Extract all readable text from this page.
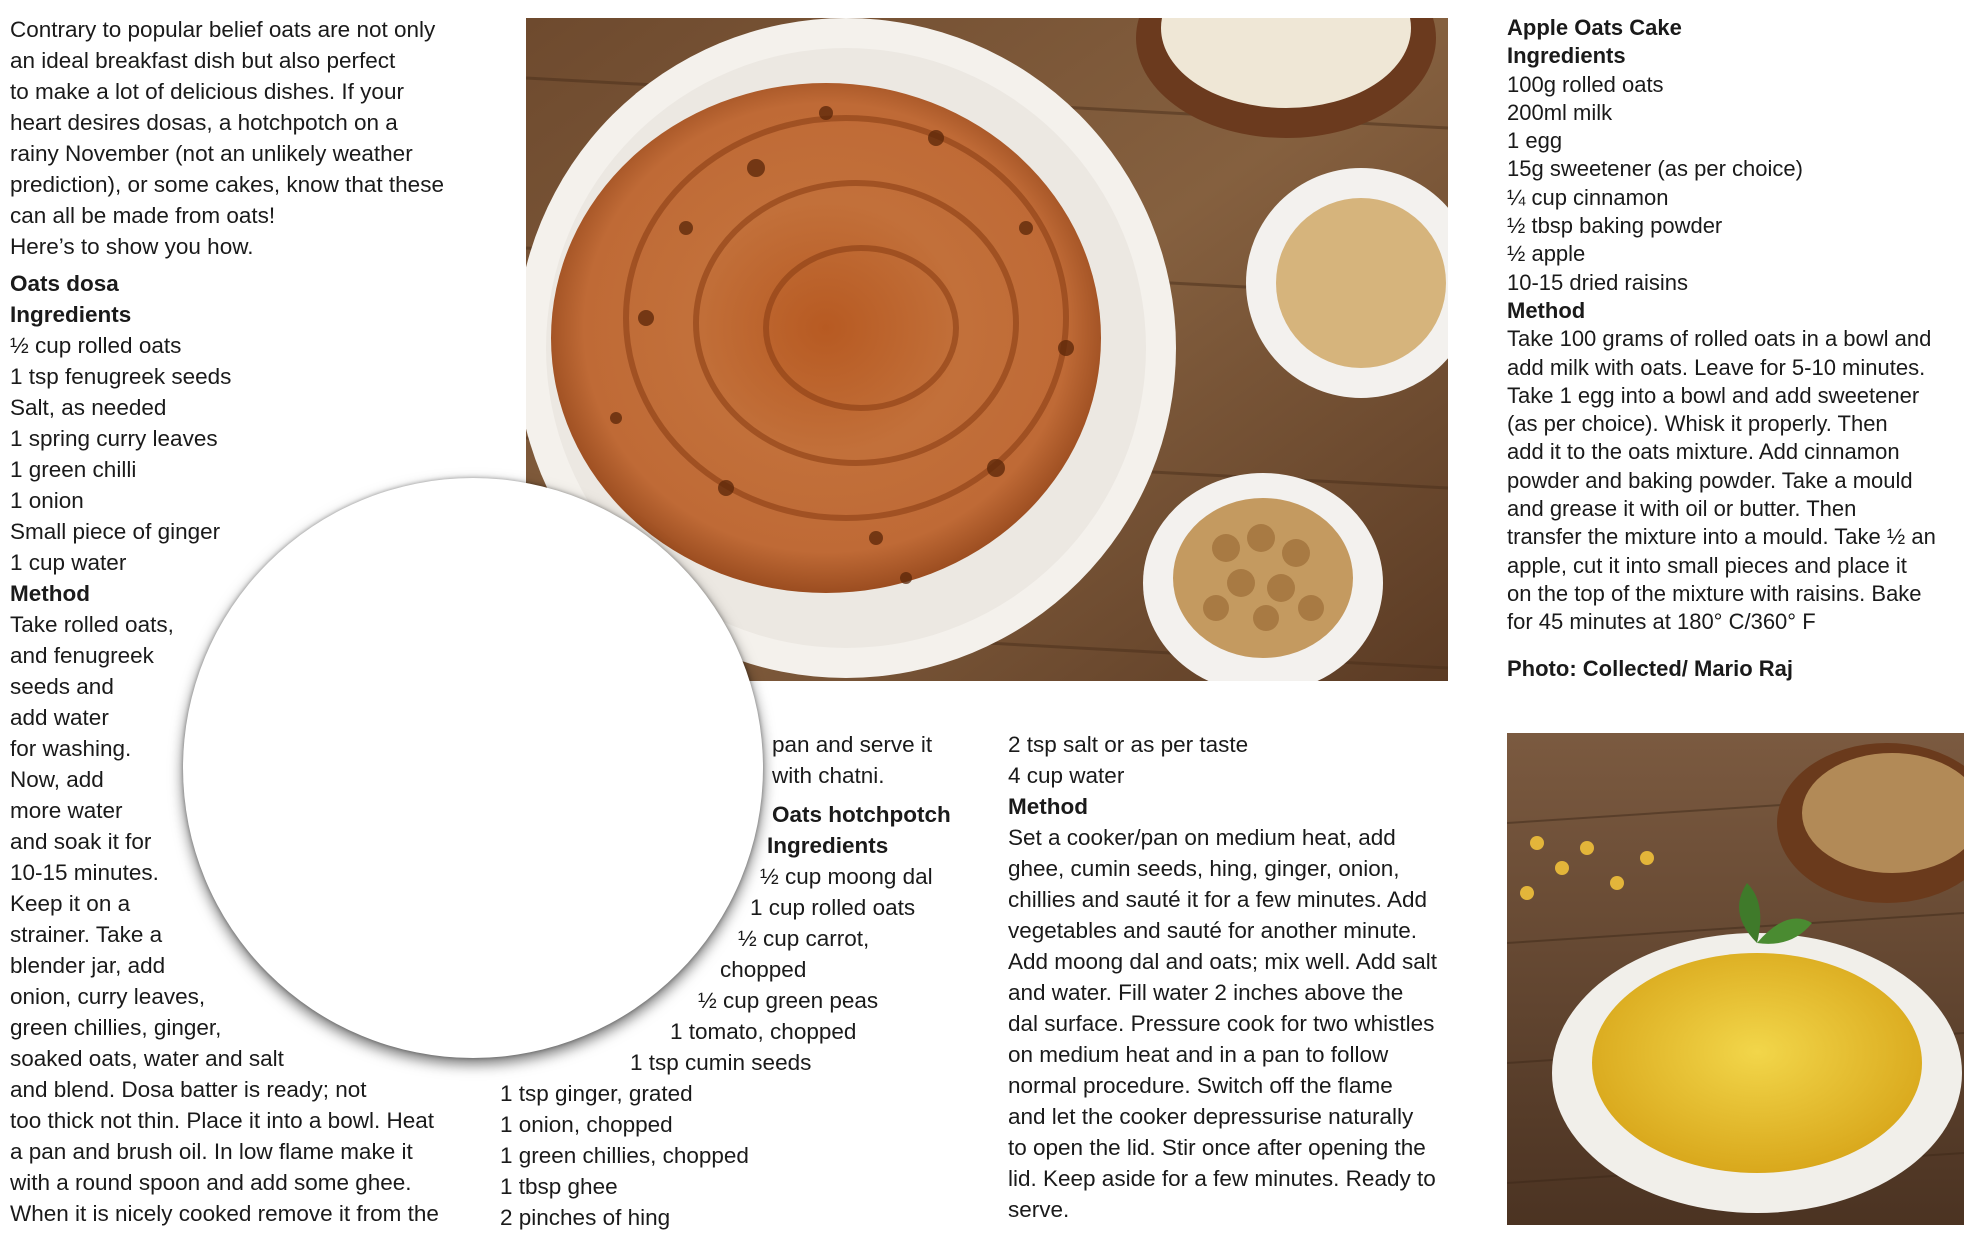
Contrary to popular belief oats are not only
an ideal breakfast dish but also perfect
to make a lot of delicious dishes. If your
heart desires dosas, a hotchpotch on a
rainy November (not an unlikely weather
prediction), or some cakes, know that these
can all be made from oats!
Here’s to show you how.
Oats dosa
Ingredients
½ cup rolled oats
1 tsp fenugreek seeds
Salt, as needed
1 spring curry leaves
1 green chilli
1 onion
Small piece of ginger
1 cup water
Method
Take rolled oats,
and fenugreek
seeds and
add water
for washing.
Now, add
more water
and soak it for
10-15 minutes.
Keep it on a
strainer. Take a
blender jar, add
onion, curry leaves,
green chillies, ginger,
soaked oats, water and salt
and blend. Dosa batter is ready; not
too thick not thin. Place it into a bowl. Heat
a pan and brush oil. In low flame make it
with a round spoon and add some ghee.
When it is nicely cooked remove it from the
pan and serve it
with chatni.
Oats hotchpotch
Ingredients
½ cup moong dal
1 cup rolled oats
½ cup carrot,
chopped
½ cup green peas
1 tomato, chopped
1 tsp cumin seeds
1 tsp ginger, grated
1 onion, chopped
1 green chillies, chopped
1 tbsp ghee
2 pinches of hing
2 tsp salt or as per taste
4 cup water
Method
Set a cooker/pan on medium heat, add
ghee, cumin seeds, hing, ginger, onion,
chillies and sauté it for a few minutes. Add
vegetables and sauté for another minute.
Add moong dal and oats; mix well. Add salt
and water. Fill water 2 inches above the
dal surface. Pressure cook for two whistles
on medium heat and in a pan to follow
normal procedure. Switch off the flame
and let the cooker depressurise naturally
to open the lid. Stir once after opening the
lid. Keep aside for a few minutes. Ready to
serve.
Apple Oats Cake
Ingredients
100g rolled oats
200ml milk
1 egg
15g sweetener (as per choice)
¼ cup cinnamon
½ tbsp baking powder
½ apple
10-15 dried raisins
Method
Take 100 grams of rolled oats in a bowl and
add milk with oats. Leave for 5-10 minutes.
Take 1 egg into a bowl and add sweetener
(as per choice). Whisk it properly. Then
add it to the oats mixture. Add cinnamon
powder and baking powder. Take a mould
and grease it with oil or butter. Then
transfer the mixture into a mould. Take ½ an
apple, cut it into small pieces and place it
on the top of the mixture with raisins. Bake
for 45 minutes at 180° C/360° F
Photo: Collected/ Mario Raj
